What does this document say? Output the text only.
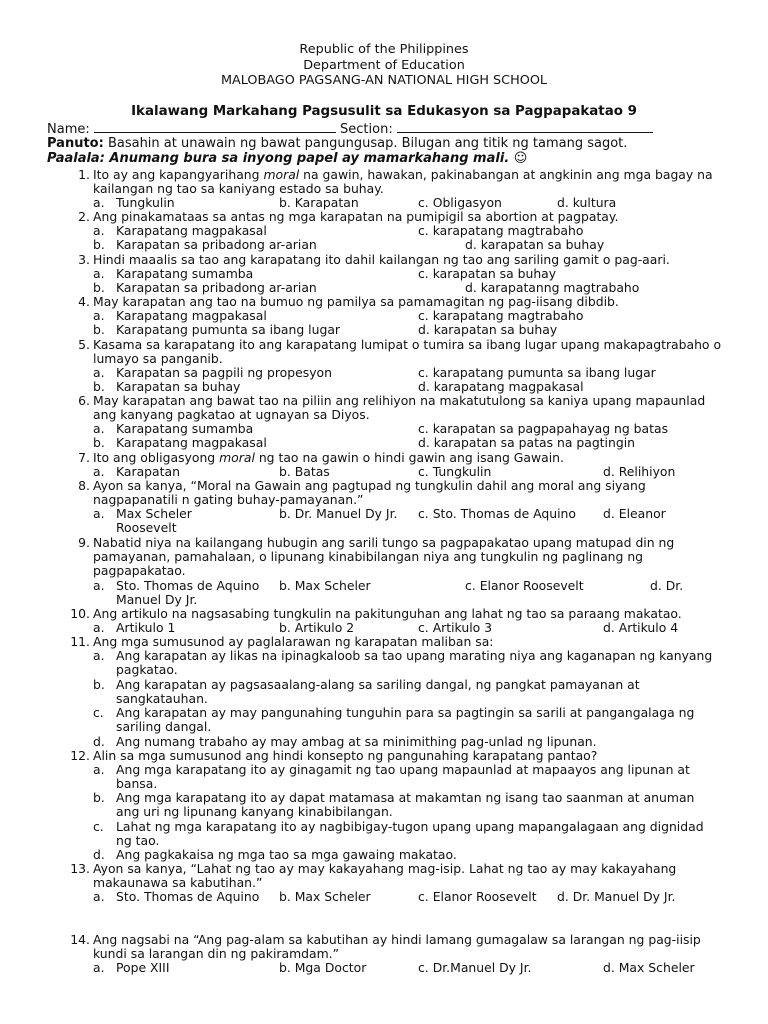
Republic of the Philippines
Department of Education
MALOBAGO PAGSANG-AN NATIONAL HIGH SCHOOL
Ikalawang Markahang Pagsusulit sa Edukasyon sa Pagpapakatao 9
Name:	Section:
Panuto: Basahin at unawain ng bawat pangungusap. Bilugan ang titik ng tamang sagot.
Paalala: Anumang bura sa inyong papel ay mamarkahang mali. ☺
1. Ito ay ang kapangyarihang moral na gawin, hawakan, pakinabangan at angkinin ang mga bagay na kailangan ng tao sa kaniyang estado sa buhay.
a. Tungkulin	b. Karapatan	c. Obligasyon	d. kultura
2. Ang pinakamataas sa antas ng mga karapatan na pumipigil sa abortion at pagpatay.
a. Karapatang magpakasal	c. karapatang magtrabaho
b. Karapatan sa pribadong ar-arian	d. karapatan sa buhay
3. Hindi maaalis sa tao ang karapatang ito dahil kailangan ng tao ang sariling gamit o pag-aari.
a. Karapatang sumamba	c. karapatan sa buhay
b. Karapatan sa pribadong ar-arian	d. karapatanng magtrabaho
4. May karapatan ang tao na bumuo ng pamilya sa pamamagitan ng pag-iisang dibdib.
a. Karapatang magpakasal	c. karapatang magtrabaho
b. Karapatang pumunta sa ibang lugar	d. karapatan sa buhay
5. Kasama sa karapatang ito ang karapatang lumipat o tumira sa ibang lugar upang makapagtrabaho o lumayo sa panganib.
a. Karapatan sa pagpili ng propesyon	c. karapatang pumunta sa ibang lugar
b. Karapatan sa buhay	d. karapatang magpakasal
6. May karapatan ang bawat tao na piliin ang relihiyon na makatutulong sa kaniya upang mapaunlad ang kanyang pagkatao at ugnayan sa Diyos.
a. Karapatang sumamba	c. karapatan sa pagpapahayag ng batas
b. Karapatang magpakasal	d. karapatan sa patas na pagtingin
7. Ito ang obligasyong moral ng tao na gawin o hindi gawin ang isang Gawain.
a. Karapatan	b. Batas	c. Tungkulin	d. Relihiyon
8. Ayon sa kanya, “Moral na Gawain ang pagtupad ng tungkulin dahil ang moral ang siyang nagpapanatili n gating buhay-pamayanan.”
a. Max Scheler	b. Dr. Manuel Dy Jr. c. Sto. Thomas de Aquino d. Eleanor
Roosevelt
9. Nabatid niya na kailangang hubugin ang sarili tungo sa pagpapakatao upang matupad din ng pamayanan, pamahalaan, o lipunang kinabibilangan niya ang tungkulin ng paglinang ng pagpapakatao.
a. Sto. Thomas de Aquino b. Max Scheler	c. Elanor Roosevelt	d. Dr.
Manuel Dy Jr.
10. Ang artikulo na nagsasabing tungkulin na pakitunguhan ang lahat ng tao sa paraang makatao.
a. Artikulo 1	b. Artikulo 2	c. Artikulo 3	d. Artikulo 4
11. Ang mga sumusunod ay paglalarawan ng karapatan maliban sa:
a. Ang karapatan ay likas na ipinagkaloob sa tao upang marating niya ang kaganapan ng kanyang pagkatao.
b. Ang karapatan ay pagsasaalang-alang sa sariling dangal, ng pangkat pamayanan at sangkatauhan.
c. Ang karapatan ay may pangunahing tunguhin para sa pagtingin sa sarili at pangangalaga ng sariling dangal.
d. Ang numang trabaho ay may ambag at sa minimithing pag-unlad ng lipunan.
12. Alin sa mga sumusunod ang hindi konsepto ng pangunahing karapatang pantao?
a. Ang mga karapatang ito ay ginagamit ng tao upang mapaunlad at mapaayos ang lipunan at bansa.
b. Ang mga karapatang ito ay dapat matamasa at makamtan ng isang tao saanman at anuman ang uri ng lipunang kanyang kinabibilangan.
c. Lahat ng mga karapatang ito ay nagbibigay-tugon upang upang mapangalagaan ang dignidad ng tao.
d. Ang pagkakaisa ng mga tao sa mga gawaing makatao.
13. Ayon sa kanya, “Lahat ng tao ay may kakayahang mag-isip. Lahat ng tao ay may kakayahang makaunawa sa kabutihan.”
a. Sto. Thomas de Aquino b. Max Scheler	c. Elanor Roosevelt d. Dr. Manuel Dy Jr.
14. Ang nagsabi na “Ang pag-alam sa kabutihan ay hindi lamang gumagalaw sa larangan ng pag-iisip kundi sa larangan din ng pakiramdam.”
a. Pope XIII	b. Mga Doctor	c. Dr.Manuel Dy Jr.	d. Max Scheler
